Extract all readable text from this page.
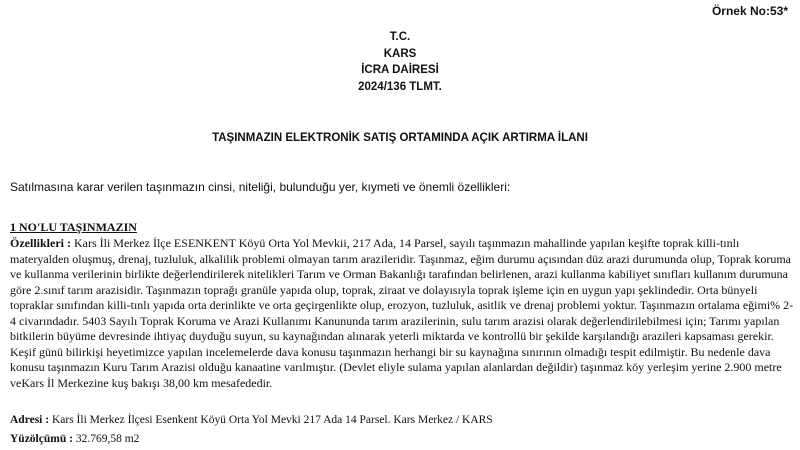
Örnek No:53*
T.C.
KARS
İCRA DAİRESİ
2024/136 TLMT.
TAŞINMAZIN ELEKTRONİK SATIŞ ORTAMINDA AÇIK ARTIRMA İLANI
Satılmasına karar verilen taşınmazın cinsi, niteliği, bulunduğu yer, kıymeti ve önemli özellikleri:
1 NO'LU TAŞINMAZIN

Özellikleri : Kars İli Merkez İlçe ESENKENT Köyü Orta Yol Mevkii, 217 Ada, 14 Parsel, sayılı taşınmazın mahallinde yapılan keşifte toprak killi-tınlı materyalden oluşmuş, drenaj, tuzluluk, alkalilik problemi olmayan tarım arazileridir. Taşınmaz, eğim durumu açısından düz arazi durumunda olup, Toprak koruma ve kullanma verilerinin birlikte değerlendirilerek nitelikleri Tarım ve Orman Bakanlığı tarafından belirlenen, arazi kullanma kabiliyet sınıfları kullanım durumuna göre 2.sınıf tarım arazisidir. Taşınmazın toprağı granüle yapıda olup, toprak, ziraat ve dolayısıyla toprak işleme için en uygun yapı şeklindedir. Orta bünyeli topraklar sınıfından killi-tınlı yapıda orta derinlikte ve orta geçirgenlikte olup, erozyon, tuzluluk, asitlik ve drenaj problemi yoktur. Taşınmazın ortalama eğimi% 2-4 civarındadır. 5403 Sayılı Toprak Koruma ve Arazi Kullanımı Kanununda tarım arazilerinin, sulu tarım arazisi olarak değerlendirilebilmesi için; Tarımı yapılan bitkilerin büyüme devresinde ihtiyaç duyduğu suyun, su kaynağından alınarak yeterli miktarda ve kontrollü bir şekilde karşılandığı arazileri kapsaması gerekir. Keşif günü bilirkişi heyetimizce yapılan incelemelerde dava konusu taşınmazın herhangi bir su kaynağına sınırının olmadığı tespit edilmiştir. Bu nedenle dava konusu taşınmazın Kuru Tarım Arazisi olduğu kanaatine varılmıştır. (Devlet eliyle sulama yapılan alanlardan değildir) taşınmaz köy yerleşim yerine 2.900 metre veKars İl Merkezine kuş bakışı 38,00 km mesafededir.

Adresi : Kars İli Merkez İlçesi Esenkent Köyü Orta Yol Mevki 217 Ada 14 Parsel. Kars Merkez / KARS
Yüzölçümü : 32.769,58 m2
